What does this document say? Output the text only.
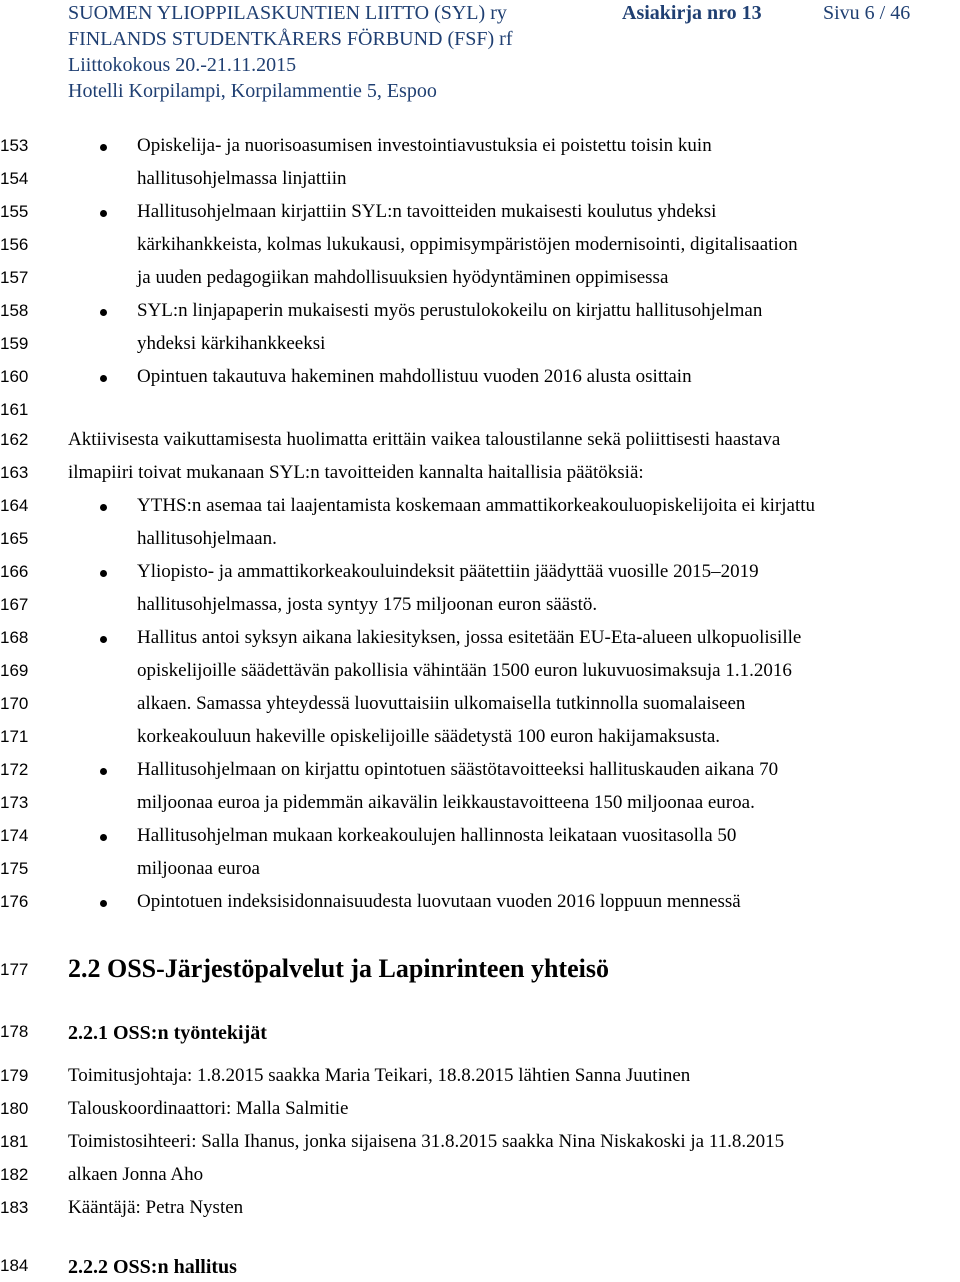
SUOMEN YLIOPPILASKUNTIEN LIITTO (SYL) ry
FINLANDS STUDENTKÅRERS FÖRBUND (FSF) rf
Liittokokous 20.-21.11.2015
Hotelli Korpilampi, Korpilammentie 5, Espoo
Asiakirja nro 13	Sivu 6 / 46
153	Opiskelija- ja nuorisoasumisen investointiavustuksia ei poistettu toisin kuin
154	hallitusohjelmassa linjattiin
155	Hallitusohjelmaan kirjattiin SYL:n tavoitteiden mukaisesti koulutus yhdeksi
156	kärkihankkeista, kolmas lukukausi, oppimisympäristöjen modernisointi, digitalisaation
157	ja uuden pedagogiikan mahdollisuuksien hyödyntäminen oppimisessa
158	SYL:n linjapaperin mukaisesti myös perustulokokeilu on kirjattu hallitusohjelman
159	yhdeksi kärkihankkeeksi
160	Opintuen takautuva hakeminen mahdollistuu vuoden 2016 alusta osittain
161
162	Aktiivisesta vaikuttamisesta huolimatta erittäin vaikea taloustilanne sekä poliittisesti haastava
163	ilmapiiri toivat mukanaan SYL:n tavoitteiden kannalta haitallisia päätöksiä:
164	YTHS:n asemaa tai laajentamista koskemaan ammattikorkeakouluopiskelijoita ei kirjattu
165	hallitusohjelmaan.
166	Yliopisto- ja ammattikorkeakouluindeksit päätettiin jäädyttää vuosille 2015–2019
167	hallitusohjelmassa, josta syntyy 175 miljoonan euron säästö.
168	Hallitus antoi syksyn aikana lakiesityksen, jossa esitetään EU-Eta-alueen ulkopuolisille
169	opiskelijoille säädettävän pakollisia vähintään 1500 euron lukuvuosimaksuja 1.1.2016
170	alkaen. Samassa yhteydessä luovuttaisiin ulkomaisella tutkinnolla suomalaiseen
171	korkeakouluun hakeville opiskelijoille säädetystä 100 euron hakijamaksusta.
172	Hallitusohjelmaan on kirjattu opintotuen säästötavoitteeksi hallituskauden aikana 70
173	miljoonaa euroa ja pidemmän aikavälin leikkaustavoitteena 150 miljoonaa euroa.
174	Hallitusohjelman mukaan korkeakoulujen hallinnosta leikataan vuositasolla 50
175	miljoonaa euroa
176	Opintotuen indeksisidonnaisuudesta luovutaan vuoden 2016 loppuun mennessä
177	2.2 OSS-Järjestöpalvelut ja Lapinrinteen yhteisö
178	2.2.1 OSS:n työntekijät
179	Toimitusjohtaja: 1.8.2015 saakka Maria Teikari, 18.8.2015 lähtien Sanna Juutinen
180	Talouskoordinaattori: Malla Salmitie
181	Toimistosihteeri: Salla Ihanus, jonka sijaisena 31.8.2015 saakka Nina Niskakoski ja 11.8.2015
182	alkaen Jonna Aho
183	Kääntäjä: Petra Nysten
184	2.2.2 OSS:n hallitus
